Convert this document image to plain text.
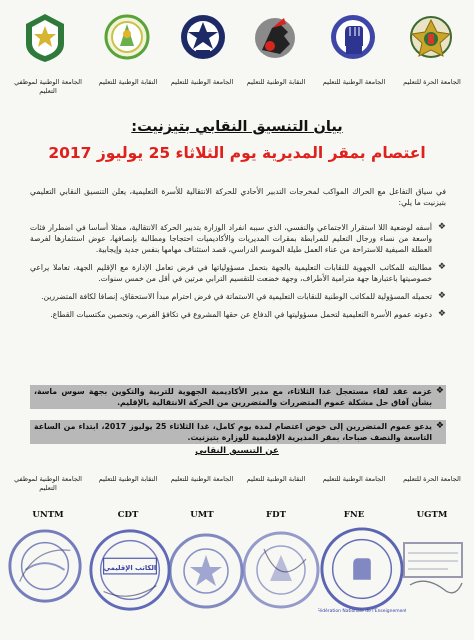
الجامعة الحرة للتعليم
الجامعة الوطنية للتعليم
النقابة الوطنية للتعليم
الجامعة الوطنية للتعليم
النقابة الوطنية للتعليم
الجامعة الوطنية لموظفي التعليم
بيان التنسيق النقابي بتيزنيت:
اعتصام بمقر المديرية يوم الثلاثاء 25 يوليوز 2017

في سياق التفاعل مع الحراك المواكب لمخرجات التدبير الأحادي للحركة الانتقالية للأسرة التعليمية، يعلن التنسيق النقابي التعليمي بتيزنيت ما يلي:

❖
أسفه لوضعية اللا استقرار الاجتماعي والنفسي، الذي سببه انفراد الوزارة بتدبير الحركة الانتقالية، ممثلا أساسا في اضطرار فئات واسعة من نساء ورجال التعليم للمرابطة بمقرات المديريات والأكاديميات احتجاجا ومطالبة بإنصافها، عوض استثمارها لفرصة العطلة الصيفية للاستراحة من عناء العمل طيلة الموسم الدراسي، قصد استئناف مهامها بنفس جديد وإيجابية.
❖
مطالبته للمكاتب الجهوية للنقابات التعليمية بالجهة بتحمل مسؤولياتها في فرض تعامل الإدارة مع الإقليم الجهة، تعاملا يراعي خصوصيتها باعتبارها جهة مترامية الأطراف، وجهة خضعت للتقسيم الترابي مرتين في أقل من خمس سنوات.
❖
تحميله المسؤولية للمكاتب الوطنية للنقابات التعليمية في الاستماتة في فرض احترام مبدأ الاستحقاق، إنصافا لكافة المتضررين.
❖
دعوته عموم الأسرة التعليمية لتحمل مسؤوليتها في الدفاع عن حقها المشروع في تكافؤ الفرص، وتحصين مكتسبات القطاع.
❖
عزمه عقد لقاء مستعجل غدا الثلاثاء، مع مدير الأكاديمية الجهوية للتربية والتكوين بجهة سوس ماسة، بشأن آفاق حل مشكلة عموم المتضررات والمتضررين من الحركة الانتقالية بالإقليم.
❖
يدعو عموم المتضررين إلى خوض اعتصام لمدة يوم كامل، غدا الثلاثاء 25 يوليوز 2017، ابتداء من الساعة التاسعة والنصف صباحا، بمقر المديرية الإقليمية للوزارة بتيزنيت.
عن التنسيق النقابي
الجامعة الحرة للتعليم
الجامعة الوطنية للتعليم
النقابة الوطنية للتعليم
الجامعة الوطنية للتعليم
النقابة الوطنية للتعليم
الجامعة الوطنية لموظفي التعليم
UGTM
FNE
FDT
UMT
CDT
UNTM
الكاتب الإقليمي
Fédération Nationale de l'Enseignement
